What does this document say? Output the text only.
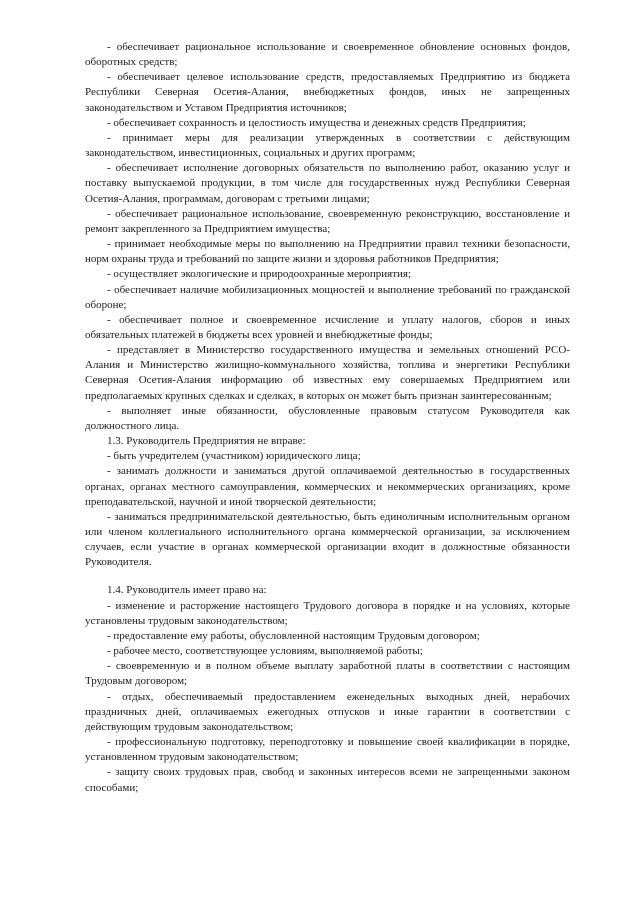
- обеспечивает рациональное использование и своевременное обновление основных фондов, оборотных средств;

- обеспечивает целевое использование средств, предоставляемых Предприятию из бюджета Республики Северная Осетия-Алания, внебюджетных фондов, иных не запрещенных законодательством и Уставом Предприятия источников;

- обеспечивает сохранность и целостность имущества и денежных средств Предприятия;

- принимает меры для реализации утвержденных в соответствии с действующим законодательством, инвестиционных, социальных и других программ;

- обеспечивает исполнение договорных обязательств по выполнению работ, оказанию услуг и поставку выпускаемой продукции, в том числе для государственных нужд Республики Северная Осетия-Алания, программам, договорам с третьими лицами;

- обеспечивает рациональное использование, своевременную реконструкцию, восстановление и ремонт закрепленного за Предприятием имущества;

- принимает необходимые меры по выполнению на Предприятии правил техники безопасности, норм охраны труда и требований по защите жизни и здоровья работников Предприятия;

- осуществляет экологические и природоохранные мероприятия;

- обеспечивает наличие мобилизационных мощностей и выполнение требований по гражданской обороне;

- обеспечивает полное и своевременное исчисление и уплату налогов, сборов и иных обязательных платежей в бюджеты всех уровней и внебюджетные фонды;

- представляет в Министерство государственного имущества и земельных отношений РСО-Алания и Министерство жилищно-коммунального хозяйства, топлива и энергетики Республики Северная Осетия-Алания информацию об известных ему совершаемых Предприятием или предполагаемых крупных сделках и сделках, в которых он может быть признан заинтересованным;

- выполняет иные обязанности, обусловленные правовым статусом Руководителя как должностного лица.

1.3. Руководитель Предприятия не вправе:

- быть учредителем (участником) юридического лица;

- занимать должности и заниматься другой оплачиваемой деятельностью в государственных органах, органах местного самоуправления, коммерческих и некоммерческих организациях, кроме преподавательской, научной и иной творческой деятельности;

- заниматься предпринимательской деятельностью, быть единоличным исполнительным органом или членом коллегиального исполнительного органа коммерческой организации, за исключением случаев, если участие в органах коммерческой организации входит в должностные обязанности Руководителя.

1.4. Руководитель имеет право на:

- изменение и расторжение настоящего Трудового договора в порядке и на условиях, которые установлены трудовым законодательством;

- предоставление ему работы, обусловленной настоящим Трудовым договором;

- рабочее место, соответствующее условиям, выполняемой работы;

- своевременную и в полном объеме выплату заработной платы в соответствии с настоящим Трудовым договором;

- отдых, обеспечиваемый предоставлением еженедельных выходных дней, нерабочих праздничных дней, оплачиваемых ежегодных отпусков и иные гарантии в соответствии с действующим трудовым законодательством;

- профессиональную подготовку, переподготовку и повышение своей квалификации в порядке, установленном трудовым законодательством;

- защиту своих трудовых прав, свобод и законных интересов всеми не запрещенными законом способами;
